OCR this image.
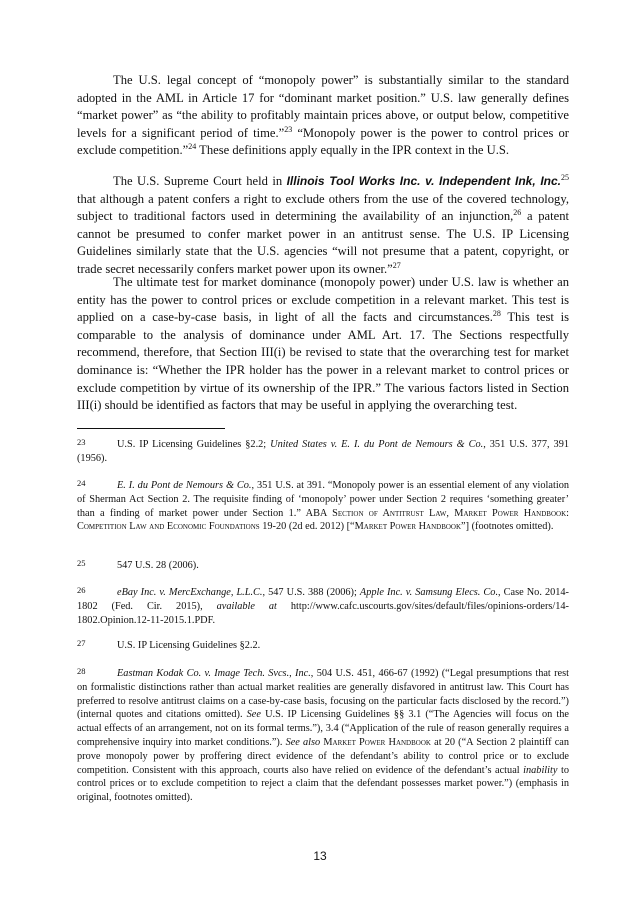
The U.S. legal concept of “monopoly power” is substantially similar to the standard adopted in the AML in Article 17 for “dominant market position.” U.S. law generally defines “market power” as “the ability to profitably maintain prices above, or output below, competitive levels for a significant period of time.”$^{23}$ “Monopoly power is the power to control prices or exclude competition.”$^{24}$ These definitions apply equally in the IPR context in the U.S.

The U.S. Supreme Court held in Illinois Tool Works Inc. v. Independent Ink, Inc.$^{25}$ that although a patent confers a right to exclude others from the use of the covered technology, subject to traditional factors used in determining the availability of an injunction,$^{26}$ a patent cannot be presumed to confer market power in an antitrust sense. The U.S. IP Licensing Guidelines similarly state that the U.S. agencies “will not presume that a patent, copyright, or trade secret necessarily confers market power upon its owner.”$^{27}$

The ultimate test for market dominance (monopoly power) under U.S. law is whether an entity has the power to control prices or exclude competition in a relevant market. This test is applied on a case-by-case basis, in light of all the facts and circumstances.$^{28}$ This test is comparable to the analysis of dominance under AML Art. 17. The Sections respectfully recommend, therefore, that Section III(i) be revised to state that the overarching test for market dominance is: “Whether the IPR holder has the power in a relevant market to control prices or exclude competition by virtue of its ownership of the IPR.” The various factors listed in Section III(i) should be identified as factors that may be useful in applying the overarching test.

23	U.S. IP Licensing Guidelines §2.2; United States v. E. I. du Pont de Nemours & Co., 351 U.S. 377, 391 (1956).
24	E. I. du Pont de Nemours & Co., 351 U.S. at 391. “Monopoly power is an essential element of any violation of Sherman Act Section 2. The requisite finding of ‘monopoly’ power under Section 2 requires ‘something greater’ than a finding of market power under Section 1.” ABA Section of Antitrust Law, Market Power Handbook: Competition Law and Economic Foundations 19-20 (2d ed. 2012) [“Market Power Handbook”] (footnotes omitted).
25	547 U.S. 28 (2006).
26	eBay Inc. v. MercExchange, L.L.C., 547 U.S. 388 (2006); Apple Inc. v. Samsung Elecs. Co., Case No. 2014-1802 (Fed. Cir. 2015), available at http://www.cafc.uscourts.gov/sites/default/files/opinions-orders/14-1802.Opinion.12-11-2015.1.PDF.
27	U.S. IP Licensing Guidelines §2.2.
28	Eastman Kodak Co. v. Image Tech. Svcs., Inc., 504 U.S. 451, 466-67 (1992) (“Legal presumptions that rest on formalistic distinctions rather than actual market realities are generally disfavored in antitrust law. This Court has preferred to resolve antitrust claims on a case-by-case basis, focusing on the particular facts disclosed by the record.”) (internal quotes and citations omitted). See U.S. IP Licensing Guidelines §§ 3.1 (“The Agencies will focus on the actual effects of an arrangement, not on its formal terms.”), 3.4 (“Application of the rule of reason generally requires a comprehensive inquiry into market conditions.”). See also Market Power Handbook at 20 (“A Section 2 plaintiff can prove monopoly power by proffering direct evidence of the defendant’s ability to control price or to exclude competition. Consistent with this approach, courts also have relied on evidence of the defendant’s actual inability to control prices or to exclude competition to reject a claim that the defendant possesses market power.”) (emphasis in original, footnotes omitted).
13
